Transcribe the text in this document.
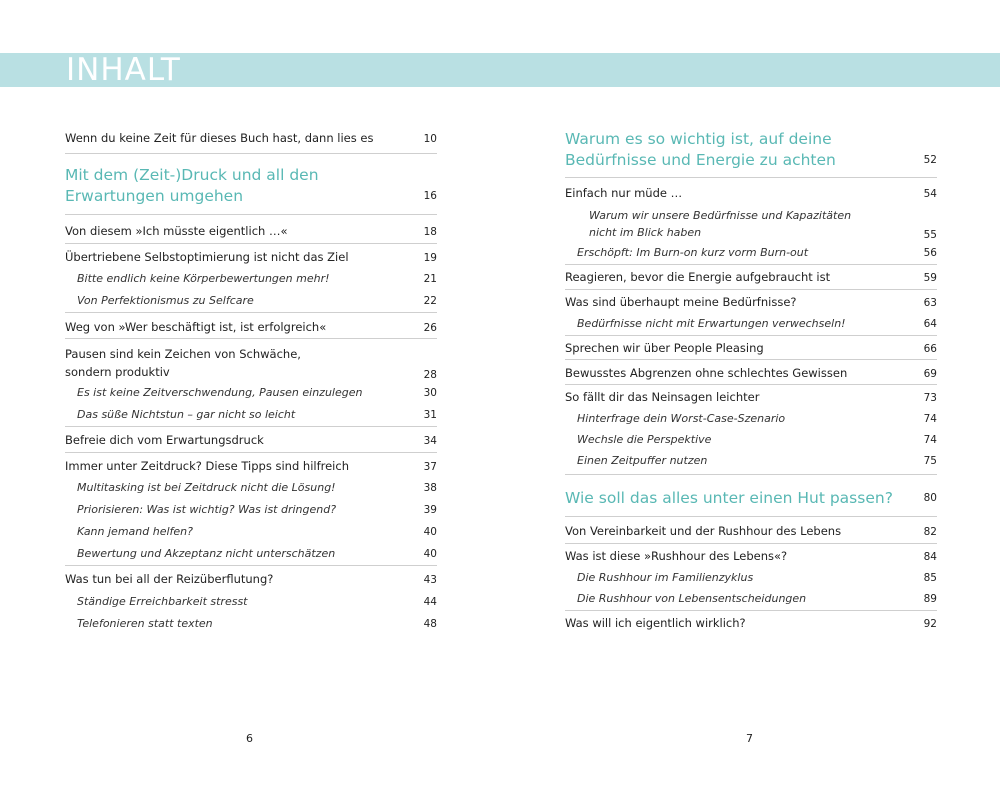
INHALT
Wenn du keine Zeit für dieses Buch hast, dann lies es	10
Mit dem (Zeit-)Druck und all den
Erwartungen umgehen	16
Von diesem »Ich müsste eigentlich …«	18
Übertriebene Selbstoptimierung ist nicht das Ziel	19
Bitte endlich keine Körperbewertungen mehr!	21
Von Perfektionismus zu Selfcare	22
Weg von »Wer beschäftigt ist, ist erfolgreich«	26
Pausen sind kein Zeichen von Schwäche,
sondern produktiv	28
Es ist keine Zeitverschwendung, Pausen einzulegen	30
Das süße Nichtstun – gar nicht so leicht	31
Befreie dich vom Erwartungsdruck	34
Immer unter Zeitdruck? Diese Tipps sind hilfreich	37
Multitasking ist bei Zeitdruck nicht die Lösung!	38
Priorisieren: Was ist wichtig? Was ist dringend?	39
Kann jemand helfen?	40
Bewertung und Akzeptanz nicht unterschätzen	40
Was tun bei all der Reizüberflutung?	43
Ständige Erreichbarkeit stresst	44
Telefonieren statt texten	48
6
Warum es so wichtig ist, auf deine
Bedürfnisse und Energie zu achten	52
Einfach nur müde …	54
Warum wir unsere Bedürfnisse und Kapazitäten
nicht im Blick haben	55
Erschöpft: Im Burn-on kurz vorm Burn-out	56
Reagieren, bevor die Energie aufgebraucht ist	59
Was sind überhaupt meine Bedürfnisse?	63
Bedürfnisse nicht mit Erwartungen verwechseln!	64
Sprechen wir über People Pleasing	66
Bewusstes Abgrenzen ohne schlechtes Gewissen	69
So fällt dir das Neinsagen leichter	73
Hinterfrage dein Worst-Case-Szenario	74
Wechsle die Perspektive	74
Einen Zeitpuffer nutzen	75
Wie soll das alles unter einen Hut passen?	80
Von Vereinbarkeit und der Rushhour des Lebens	82
Was ist diese »Rushhour des Lebens«?	84
Die Rushhour im Familienzyklus	85
Die Rushhour von Lebensentscheidungen	89
Was will ich eigentlich wirklich?	92
7
